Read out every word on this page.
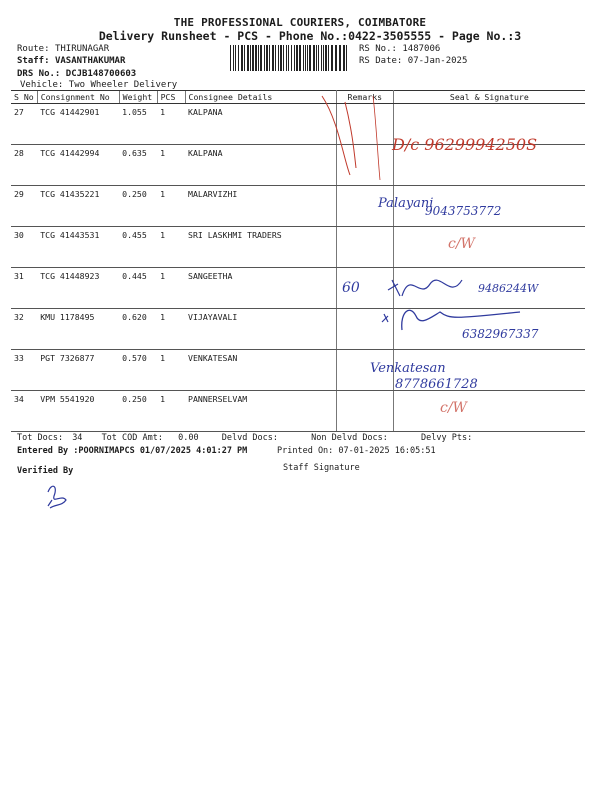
THE PROFESSIONAL COURIERS, COIMBATORE
Delivery Runsheet - PCS - Phone No.:0422-3505555 - Page No.:3
Route: THIRUNAGAR
Staff: VASANTHAKUMAR
DRS No.: DCJB148700603
Vehicle: Two Wheeler Delivery
RS No.: 1487006
RS Date: 07-Jan-2025
S No	Consignment No	Weight	PCS	Consignee Details	Remarks	Seal & Signature
27	TCG 41442901	1.055	1	KALPANA		
28	TCG 41442994	0.635	1	KALPANA		
29	TCG 41435221	0.250	1	MALARVIZHI		
30	TCG 41443531	0.455	1	SRI LASKHMI TRADERS		
31	TCG 41448923	0.445	1	SANGEETHA		
32	KMU 1178495	0.620	1	VIJAYAVALI		
33	PGT 7326877	0.570	1	VENKATESAN		
34	VPM 5541920	0.250	1	PANNERSELVAM		
Tot Docs: 34 Tot COD Amt: 0.00	Delvd Docs:	Non Delvd Docs:	Delvy Pts:
Entered By :POORNIMAPCS 01/07/2025 4:01:27 PM	Printed On: 07-01-2025 16:05:51
Verified By	Staff Signature
D/c 9629994250S
Palayani
9043753772
c/W
60	9486244W
6382967337
Venkatesan
8778661728
c/W
